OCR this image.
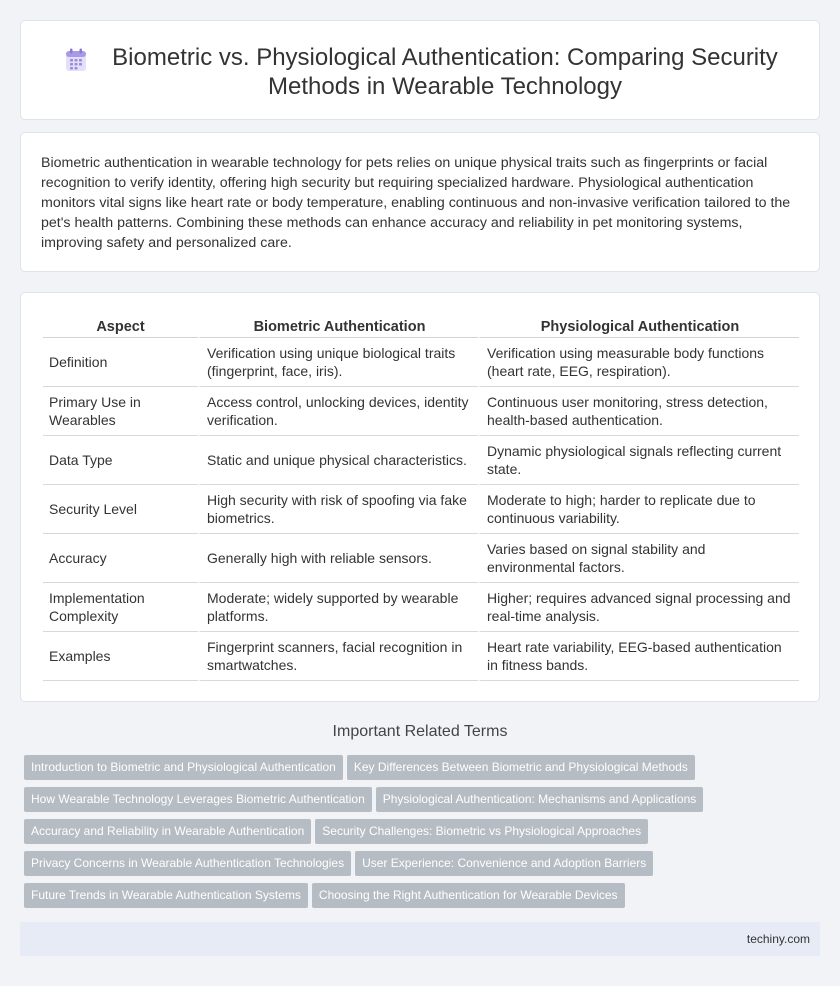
Biometric vs. Physiological Authentication: Comparing Security Methods in Wearable Technology

Biometric authentication in wearable technology for pets relies on unique physical traits such as fingerprints or facial recognition to verify identity, offering high security but requiring specialized hardware. Physiological authentication monitors vital signs like heart rate or body temperature, enabling continuous and non-invasive verification tailored to the pet's health patterns. Combining these methods can enhance accuracy and reliability in pet monitoring systems, improving safety and personalized care.

Aspect	Biometric Authentication	Physiological Authentication
Definition	Verification using unique biological traits (fingerprint, face, iris).	Verification using measurable body functions (heart rate, EEG, respiration).
Primary Use in Wearables	Access control, unlocking devices, identity verification.	Continuous user monitoring, stress detection, health-based authentication.
Data Type	Static and unique physical characteristics.	Dynamic physiological signals reflecting current state.
Security Level	High security with risk of spoofing via fake biometrics.	Moderate to high; harder to replicate due to continuous variability.
Accuracy	Generally high with reliable sensors.	Varies based on signal stability and environmental factors.
Implementation Complexity	Moderate; widely supported by wearable platforms.	Higher; requires advanced signal processing and real-time analysis.
Examples	Fingerprint scanners, facial recognition in smartwatches.	Heart rate variability, EEG-based authentication in fitness bands.
Important Related Terms
Introduction to Biometric and Physiological Authentication Key Differences Between Biometric and Physiological Methods
How Wearable Technology Leverages Biometric Authentication Physiological Authentication: Mechanisms and Applications
Accuracy and Reliability in Wearable Authentication Security Challenges: Biometric vs Physiological Approaches
Privacy Concerns in Wearable Authentication Technologies User Experience: Convenience and Adoption Barriers
Future Trends in Wearable Authentication Systems Choosing the Right Authentication for Wearable Devices
techiny.com
